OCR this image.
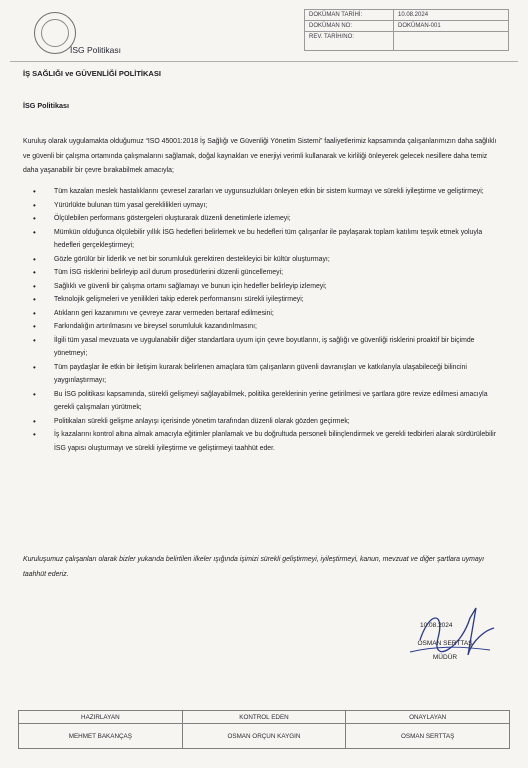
İSG Politikası
DOKÜMAN TARİHİ:	10.08.2024
DOKÜMAN NO:	DOKÜMAN-001
REV. TARİH/NO:	
İŞ SAĞLIĞI ve GÜVENLİĞİ POLİTİKASI
İSG Politikası
Kuruluş olarak uygulamakta olduğumuz “ISO 45001:2018 İş Sağlığı ve Güvenliği Yönetim Sistemi” faaliyetlerimiz kapsamında çalışanlarımızın daha sağlıklı ve güvenli bir çalışma ortamında çalışmalarını sağlamak, doğal kaynakları ve enerjiyi verimli kullanarak ve kirliliği önleyerek gelecek nesillere daha temiz daha yaşanabilir bir çevre bırakabilmek amacıyla;
• Tüm kazaları meslek hastalıklarını çevresel zararları ve uygunsuzlukları önleyen etkin bir sistem kurmayı ve sürekli iyileştirme ve geliştirmeyi;
• Yürürlükte bulunan tüm yasal gereklilikleri uymayı;
• Ölçülebilen performans göstergeleri oluşturarak düzenli denetimlerle izlemeyi;
• Mümkün olduğunca ölçülebilir yıllık İSG hedefleri belirlemek ve bu hedefleri tüm çalışanlar ile paylaşarak toplam katılımı teşvik etmek yoluyla hedefleri gerçekleştirmeyi;
• Gözle görülür bir liderlik ve net bir sorumluluk gerektiren destekleyici bir kültür oluşturmayı;
• Tüm İSG risklerini belirleyip acil durum prosedürlerini düzenli güncellemeyi;
• Sağlıklı ve güvenli bir çalışma ortamı sağlamayı ve bunun için hedefler belirleyip izlemeyi;
• Teknolojik gelişmeleri ve yenilikleri takip ederek performansını sürekli iyileştirmeyi;
• Atıkların geri kazanımını ve çevreye zarar vermeden bertaraf edilmesini;
• Farkındalığın artırılmasını ve bireysel sorumluluk kazandırılmasını;
• İlgili tüm yasal mevzuata ve uygulanabilir diğer standartlara uyum için çevre boyutlarını, iş sağlığı ve güvenliği risklerini proaktif bir biçimde yönetmeyi;
• Tüm paydaşlar ile etkin bir iletişim kurarak belirlenen amaçlara tüm çalışanların güvenli davranışları ve katkılarıyla ulaşabileceği bilincini yaygınlaştırmayı;
• Bu İSG politikası kapsamında, sürekli gelişmeyi sağlayabilmek, politika gereklerinin yerine getirilmesi ve şartlara göre revize edilmesi amacıyla gerekli çalışmaları yürütmek;
• Politikaları sürekli gelişme anlayışı içerisinde yönetim tarafından düzenli olarak gözden geçirmek;
• İş kazalarını kontrol altına almak amacıyla eğitimler planlamak ve bu doğrultuda personeli bilinçlendirmek ve gerekli tedbirleri alarak sürdürülebilir İSG yapısı oluşturmayı ve sürekli iyileştirme ve geliştirmeyi taahhüt eder.
Kuruluşumuz çalışanları olarak bizler yukarıda belirtilen ilkeler ışığında işimizi sürekli geliştirmeyi, iyileştirmeyi, kanun, mevzuat ve diğer şartlara uymayı taahhüt ederiz.
10.08.2024
OSMAN SERTTAŞ
MÜDÜR
HAZIRLAYAN	KONTROL EDEN	ONAYLAYAN
MEHMET BAKANÇAŞ	OSMAN ORÇUN KAYGIN	OSMAN SERTTAŞ
